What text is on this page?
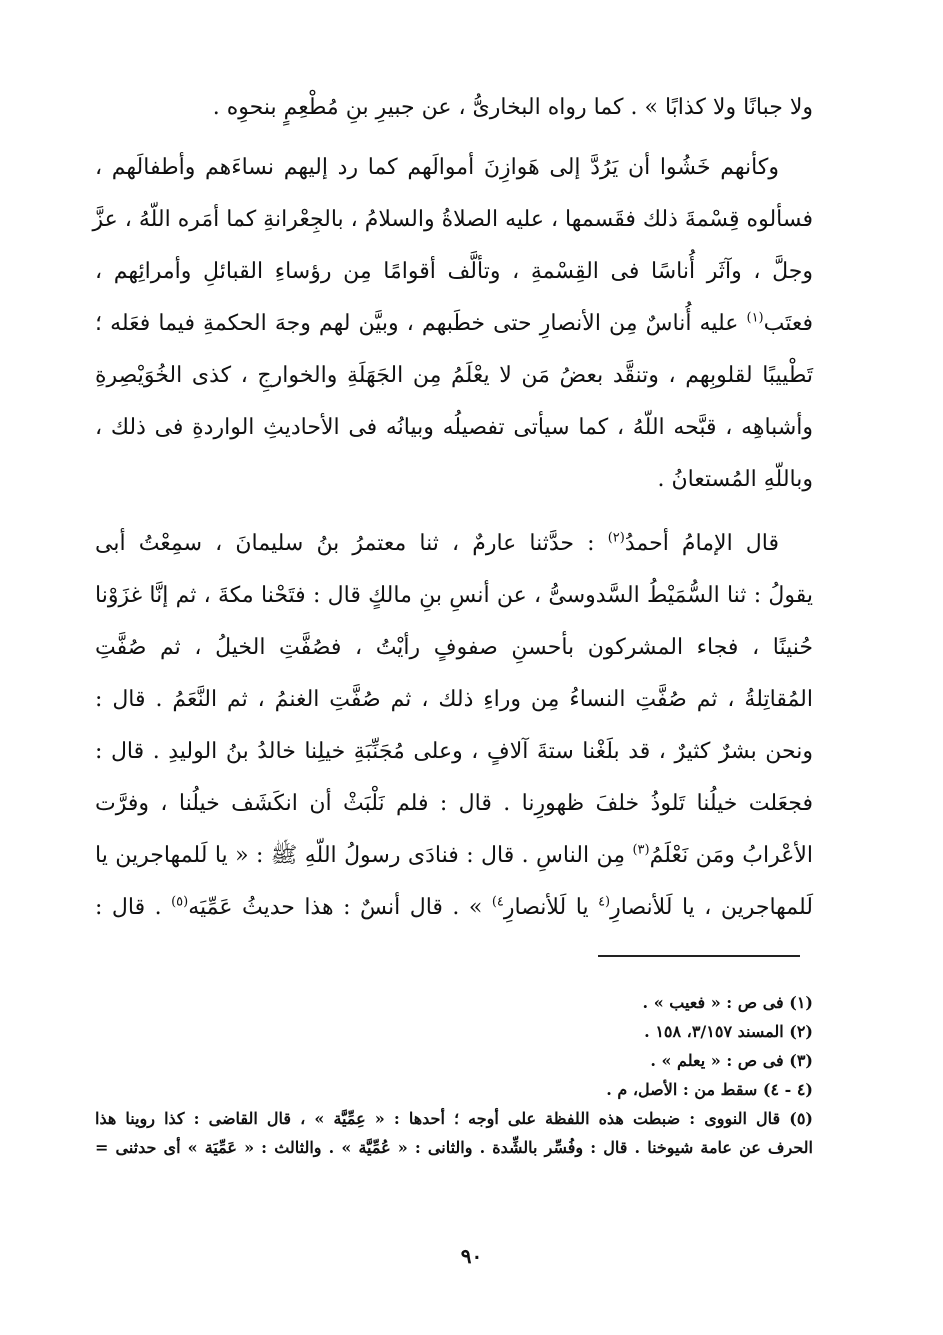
ولا جبانًا ولا كذابًا » . كما رواه البخارىُّ ، عن جبيرِ بنِ مُطْعِمٍ بنحوِه .
وكأنهم خَشُوا أن يَرُدَّ إلى هَوازِنَ أموالَهم كما رد إليهم نساءَهم وأطفالَهم ،
فسألوه قِسْمةَ ذلك فقَسمها ، عليه الصلاةُ والسلامُ ، بالجِعْرانةِ كما أمَره اللّهُ ، عزَّ
وجلَّ ، وآثَر أُناسًا فى القِسْمةِ ، وتألَّف أقوامًا مِن رؤساءِ القبائلِ وأمرائِهم ،
فعتَب$^{(١)}$ عليه أُناسٌ مِن الأنصارِ حتى خطَبهم ، وبيَّن لهم وجهَ الحكمةِ فيما فعَله ؛
تَطْييبًا لقلوبِهم ، وتنقَّد بعضُ مَن لا يعْلَمُ مِن الجَهَلَةِ والخوارجِ ، كذى الخُوَيْصِرةِ
وأشباهِه ، قبَّحه اللّهُ ، كما سيأتى تفصيلُه وبيانُه فى الأحاديثِ الواردةِ فى ذلك ،
وباللّهِ المُستعانُ .
قال الإمامُ أحمدُ$^{(٢)}$ : حدَّثنا عارمٌ ، ثنا معتمرُ بنُ سليمانَ ، سمِعْتُ أبى
يقولُ : ثنا السُّمَيْطُ السَّدوسىُّ ، عن أنسِ بنِ مالكٍ قال : فتَحْنا مكةَ ، ثم إنَّا غزَوْنا
حُنينًا ، فجاء المشركون بأحسنِ صفوفٍ رأيْتُ ، فصُفَّتِ الخيلُ ، ثم صُفَّتِ
المُقاتِلةُ ، ثم صُفَّتِ النساءُ مِن وراءِ ذلك ، ثم صُفَّتِ الغنمُ ، ثم النَّعَمُ . قال :
ونحن بشرٌ كثيرٌ ، قد بلَغْنا ستةَ آلافٍ ، وعلى مُجَنِّبَةِ خيلِنا خالدُ بنُ الوليدِ . قال :
فجعَلت خيلُنا تَلوذُ خلفَ ظهورِنا . قال : فلم نَلْبَثْ أن انكَشَف خيلُنا ، وفرَّت
الأعْرابُ ومَن نَعْلَمُ$^{(٣)}$ مِن الناسِ . قال : فنادَى رسولُ اللّهِ ﷺ : « يا لَلمهاجرين يا
لَلمهاجرين ، يا لَلأنصارِ$^{(٤}$ يا لَلأنصارِ$^{٤)}$ » . قال أنسٌ : هذا حديثُ عَمِّيَه$^{(٥)}$ . قال :
(١) فى ص : « فعيب » .
(٢) المسند ٣/١٥٧، ١٥٨ .
(٣) فى ص : « يعلم » .
(٤ - ٤) سقط من : الأصل، م .
(٥) قال النووى : ضبطت هذه اللفظة على أوجه ؛ أحدها : « عِمِّيَّة » ، قال القاضى : كذا روينا هذا
الحرف عن عامة شيوخنا . قال : وفُسِّر بالشِّدة . والثانى : « عُمِّيَّة » . والثالث : « عَمِّيَة » أى حدثنى =
٩٠
